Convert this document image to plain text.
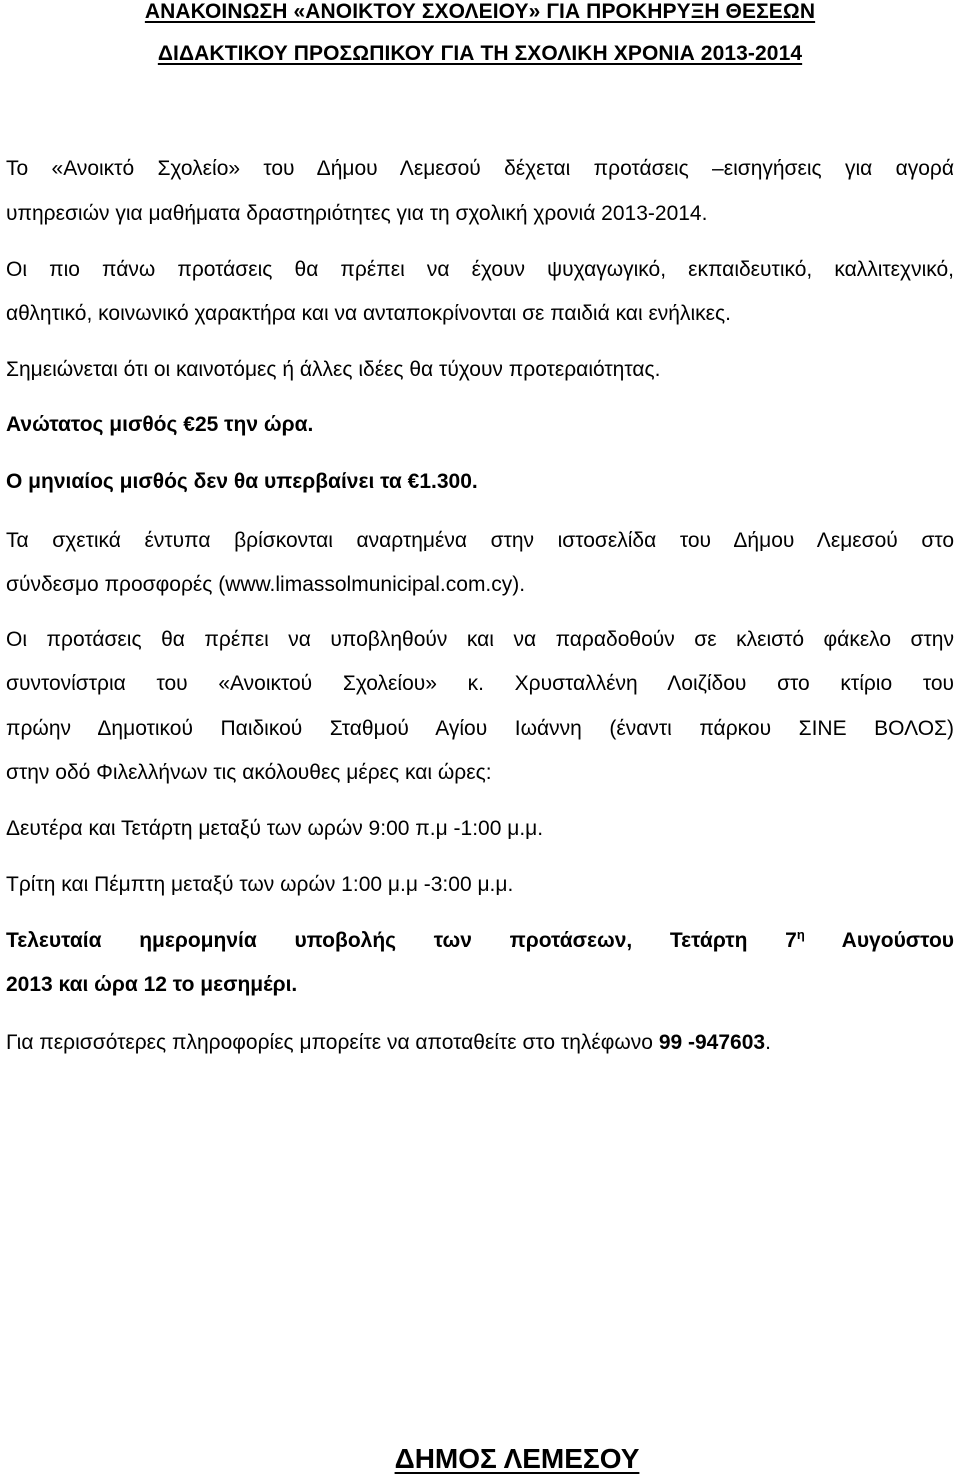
ΑΝΑΚΟΙΝΩΣΗ «ΑΝΟΙΚΤΟΥ ΣΧΟΛΕΙΟΥ» ΓΙΑ ΠΡΟΚΗΡΥΞΗ ΘΕΣΕΩΝ
ΔΙΔΑΚΤΙΚΟΥ ΠΡΟΣΩΠΙΚΟΥ ΓΙΑ ΤΗ ΣΧΟΛΙΚΗ ΧΡΟΝΙΑ 2013-2014
Το «Ανοικτό Σχολείο» του Δήμου Λεμεσού δέχεται προτάσεις –εισηγήσεις για αγορά
υπηρεσιών για μαθήματα δραστηριότητες για τη σχολική χρονιά 2013-2014.
Οι πιο πάνω προτάσεις θα πρέπει να έχουν ψυχαγωγικό, εκπαιδευτικό, καλλιτεχνικό,
αθλητικό, κοινωνικό χαρακτήρα και να ανταποκρίνονται σε παιδιά και ενήλικες.
Σημειώνεται ότι οι καινοτόμες ή άλλες ιδέες θα τύχουν προτεραιότητας.
Ανώτατος μισθός €25 την ώρα.
Ο μηνιαίος μισθός δεν θα υπερβαίνει τα €1.300.
Τα σχετικά έντυπα βρίσκονται αναρτημένα στην ιστοσελίδα του Δήμου Λεμεσού στο
σύνδεσμο προσφορές (www.limassolmunicipal.com.cy).
Οι προτάσεις θα πρέπει να υποβληθούν και να παραδοθούν σε κλειστό φάκελο στην
συντονίστρια του «Ανοικτού Σχολείου» κ. Χρυσταλλένη Λοιζίδου στο κτίριο του
πρώην Δημοτικού Παιδικού Σταθμού Αγίου Ιωάννη (έναντι πάρκου ΣΙΝΕ ΒΟΛΟΣ)
στην οδό Φιλελλήνων τις ακόλουθες μέρες και ώρες:
Δευτέρα και Τετάρτη μεταξύ των ωρών 9:00 π.μ -1:00 μ.μ.
Τρίτη και Πέμπτη μεταξύ των ωρών 1:00 μ.μ -3:00 μ.μ.
Τελευταία ημερομηνία υποβολής των προτάσεων, Τετάρτη $7^\eta$ Αυγούστου
2013 και ώρα 12 το μεσημέρι.
Για περισσότερες πληροφορίες μπορείτε να αποταθείτε στο τηλέφωνο 99 -947603.
ΔΗΜΟΣ ΛΕΜΕΣΟΥ
